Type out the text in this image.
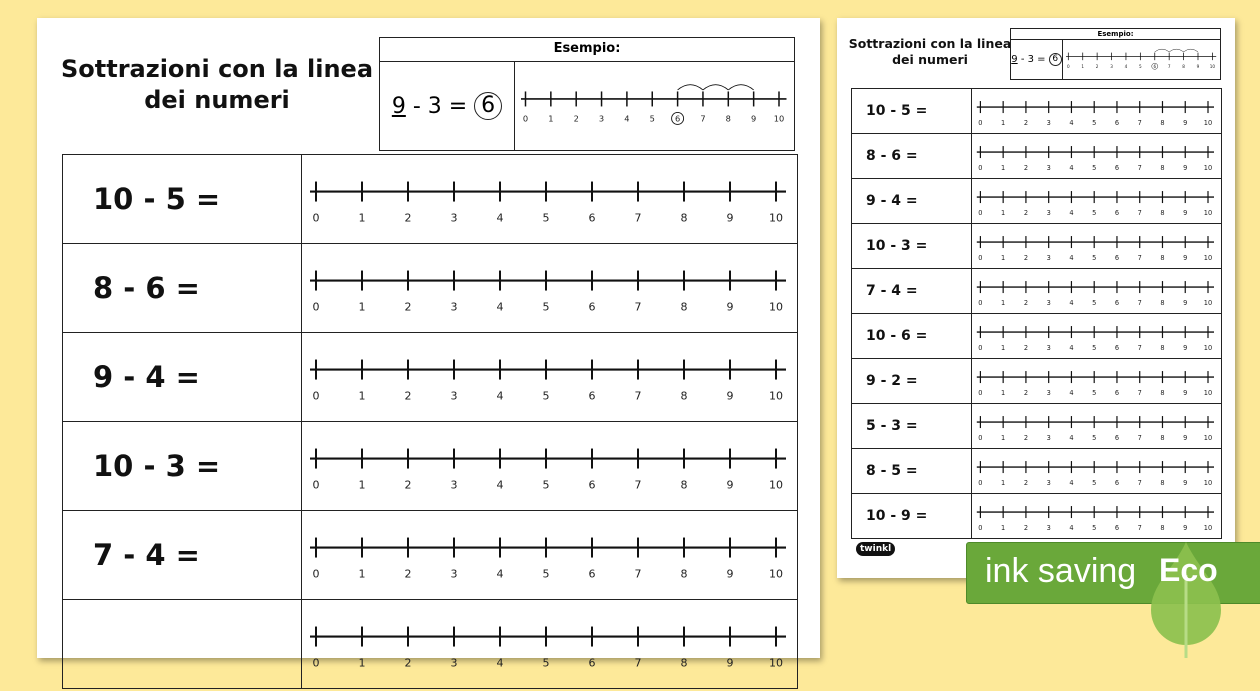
Sottrazioni con la linea
dei numeri
Esempio:
9 - 3 = 6
0 1 2 3 4 5 6 7 8 9 10
10 - 5 =
0	1	2	3	4	5	6	7	8	9	10
8 - 6 =
0	1	2	3	4	5	6	7	8	9	10
9 - 4 =
0	1	2	3	4	5	6	7	8	9	10
10 - 3 =
0	1	2	3	4	5	6	7	8	9	10
7 - 4 =
0	1	2	3	4	5	6	7	8	9	10
0	1	2	3	4	5	6	7	8	9	10
Sottrazioni con la linea
dei numeri
Esempio:
9 - 3 = 6
0	1	2	3	4	5	6	7	8	9 10
10 - 5 =
0	1	2	3	4	5	6	7	8	9 10
8 - 6 =
0	1	2	3	4	5	6	7	8	9 10
9 - 4 =
0	1	2	3	4	5	6	7	8	9 10
10 - 3 =
0	1	2	3	4	5	6	7	8	9 10
7 - 4 =
0	1	2	3	4	5	6	7	8	9 10
10 - 6 =
0	1	2	3	4	5	6	7	8	9 10
9 - 2 =
0	1	2	3	4	5	6	7	8	9 10
5 - 3 =
0	1	2	3	4	5	6	7	8	9 10
8 - 5 =
0	1	2	3	4	5	6	7	8	9 10
10 - 9 =
0	1	2	3	4	5	6	7	8	9 10
twinkl
ink saving Eco
